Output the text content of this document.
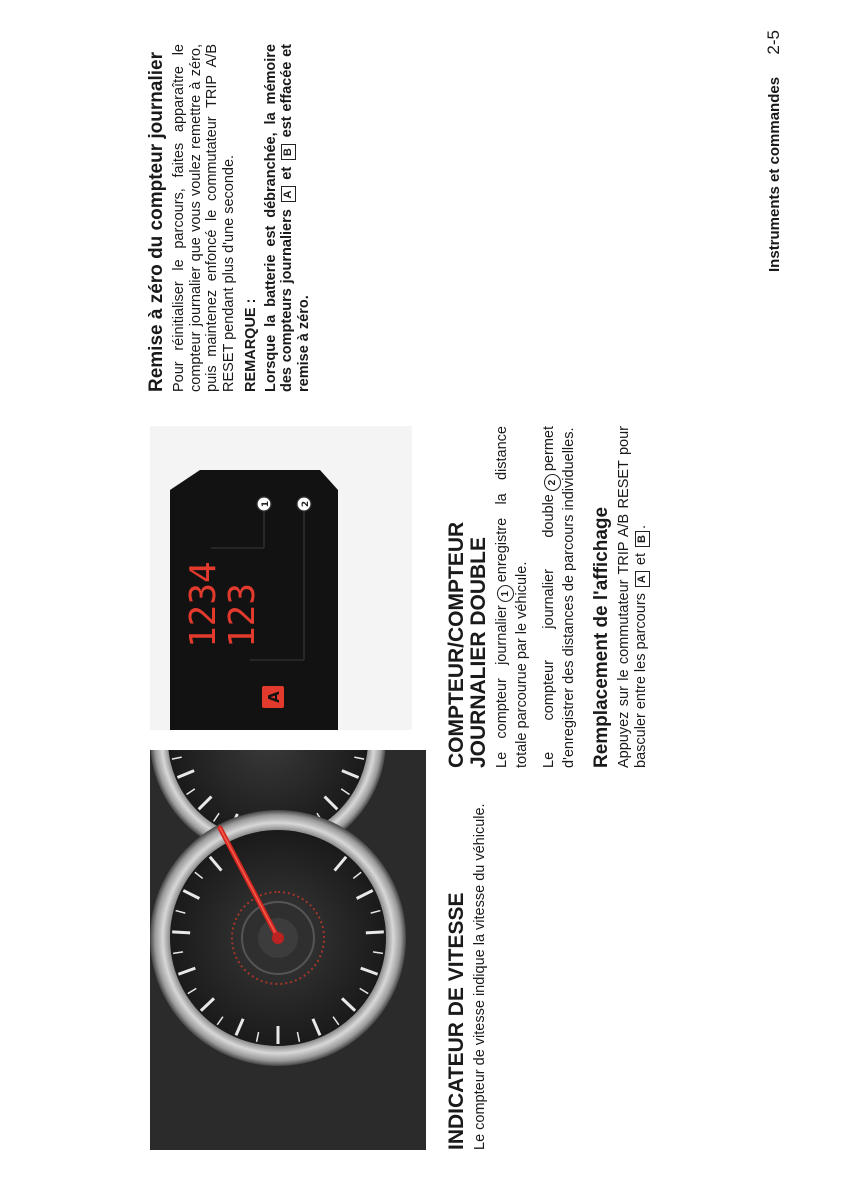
1234
123
A
1	2
INDICATEUR DE VITESSE Le compteur de vitesse indique la vitesse du véhicule.

COMPTEUR/COMPTEUR JOURNALIER DOUBLE Le compteur journalier1enregistre la distance totale parcourue par le véhicule. Le compteur journalier double2permet d'enregistrer des distances de parcours individuelles. Remplacement de l'affichage Appuyez sur le commutateur TRIP A/B RESET pour basculer entre les parcours A et B.

Remise à zéro du compteur journalier Pour réinitialiser le parcours, faites apparaître le compteur journalier que vous voulez remettre à zéro, puis maintenez enfoncé le commutateur TRIP A/B RESET pendant plus d'une seconde. REMARQUE : Lorsque la batterie est débranchée, la mémoire des compteurs journaliers A et B est effacée et remise à zéro.

Instruments et commandes  2-5
